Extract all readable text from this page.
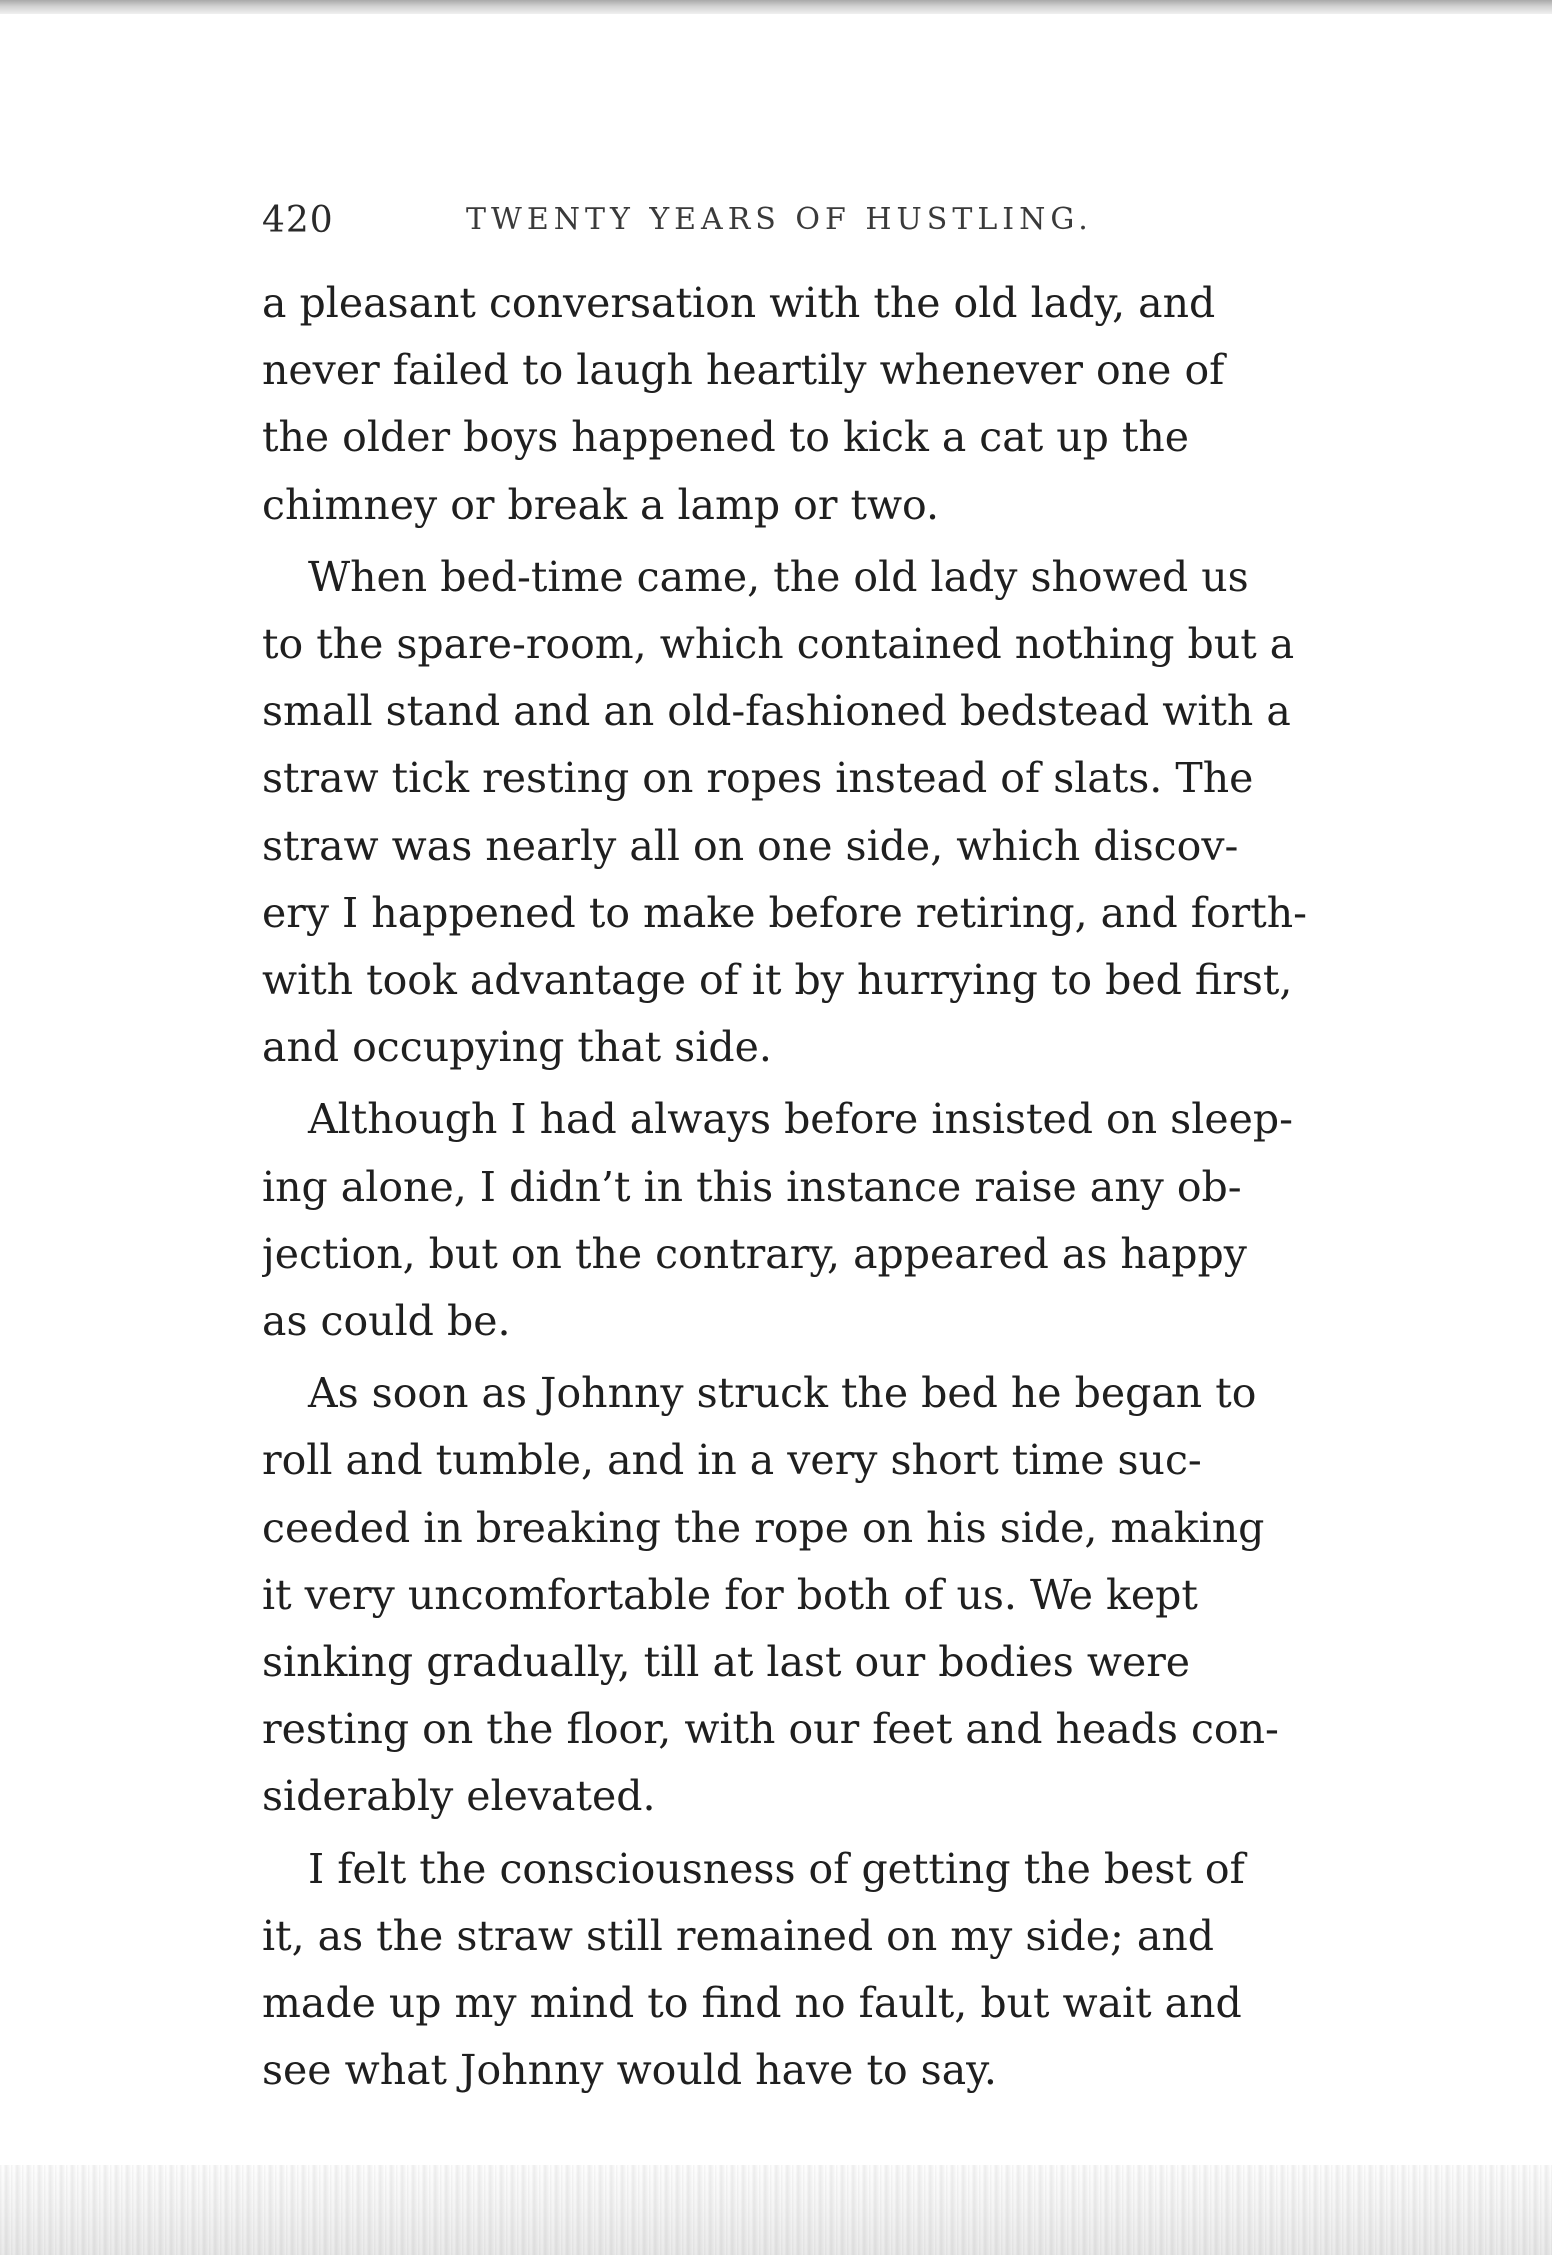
420	TWENTY YEARS OF HUSTLING.

a pleasant conversation with the old lady, and
never failed to laugh heartily whenever one of
the older boys happened to kick a cat up the
chimney or break a lamp or two.

When bed-time came, the old lady showed us
to the spare-room, which contained nothing but a
small stand and an old-fashioned bedstead with a
straw tick resting on ropes instead of slats. The
straw was nearly all on one side, which discov-
ery I happened to make before retiring, and forth-
with took advantage of it by hurrying to bed first,
and occupying that side.

Although I had always before insisted on sleep-
ing alone, I didn’t in this instance raise any ob-
jection, but on the contrary, appeared as happy
as could be.

As soon as Johnny struck the bed he began to
roll and tumble, and in a very short time suc-
ceeded in breaking the rope on his side, making
it very uncomfortable for both of us. We kept
sinking gradually, till at last our bodies were
resting on the floor, with our feet and heads con-
siderably elevated.

I felt the consciousness of getting the best of
it, as the straw still remained on my side; and
made up my mind to find no fault, but wait and
see what Johnny would have to say.
